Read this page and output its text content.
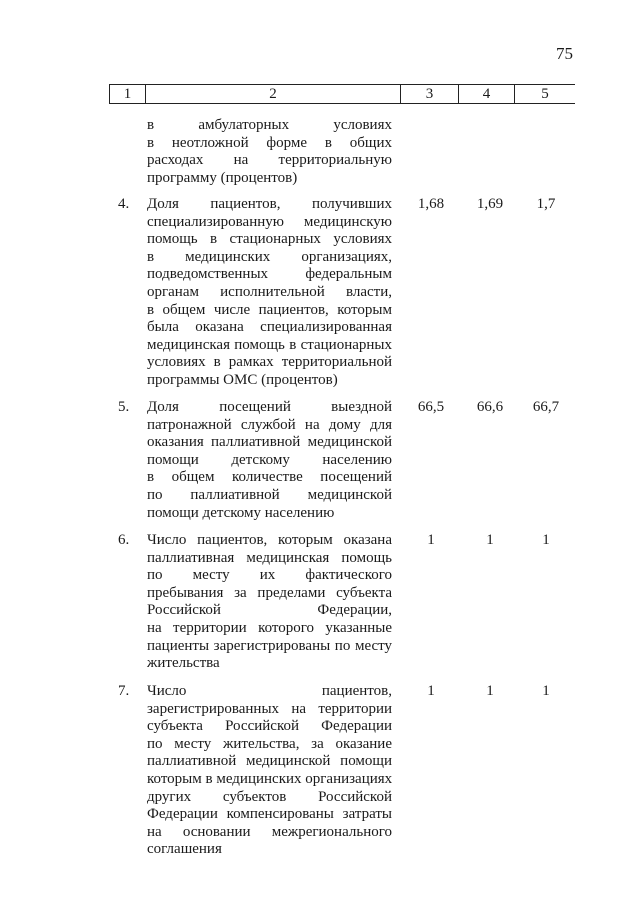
75
1	2	3	4	5
в амбулаторных условиях
в неотложной форме в общих
расходах на территориальную
программу (процентов)
4. Доля пациентов, получивших
специализированную медицинскую
помощь в стационарных условиях
в медицинских организациях,
подведомственных федеральным
органам исполнительной власти,
в общем числе пациентов, которым
была оказана специализированная
медицинская помощь в стационарных
условиях в рамках территориальной
программы ОМС (процентов)
1,68	1,69	1,7
5. Доля посещений выездной
патронажной службой на дому для
оказания паллиативной медицинской
помощи детскому населению
в общем количестве посещений
по паллиативной медицинской
помощи детскому населению
66,5	66,6	66,7
6. Число пациентов, которым оказана
паллиативная медицинская помощь
по месту их фактического
пребывания за пределами субъекта
Российской Федерации,
на территории которого указанные
пациенты зарегистрированы по месту
жительства
1	1	1
7. Число пациентов,
зарегистрированных на территории
субъекта Российской Федерации
по месту жительства, за оказание
паллиативной медицинской помощи
которым в медицинских организациях
других субъектов Российской
Федерации компенсированы затраты
на основании межрегионального
соглашения
1	1	1
